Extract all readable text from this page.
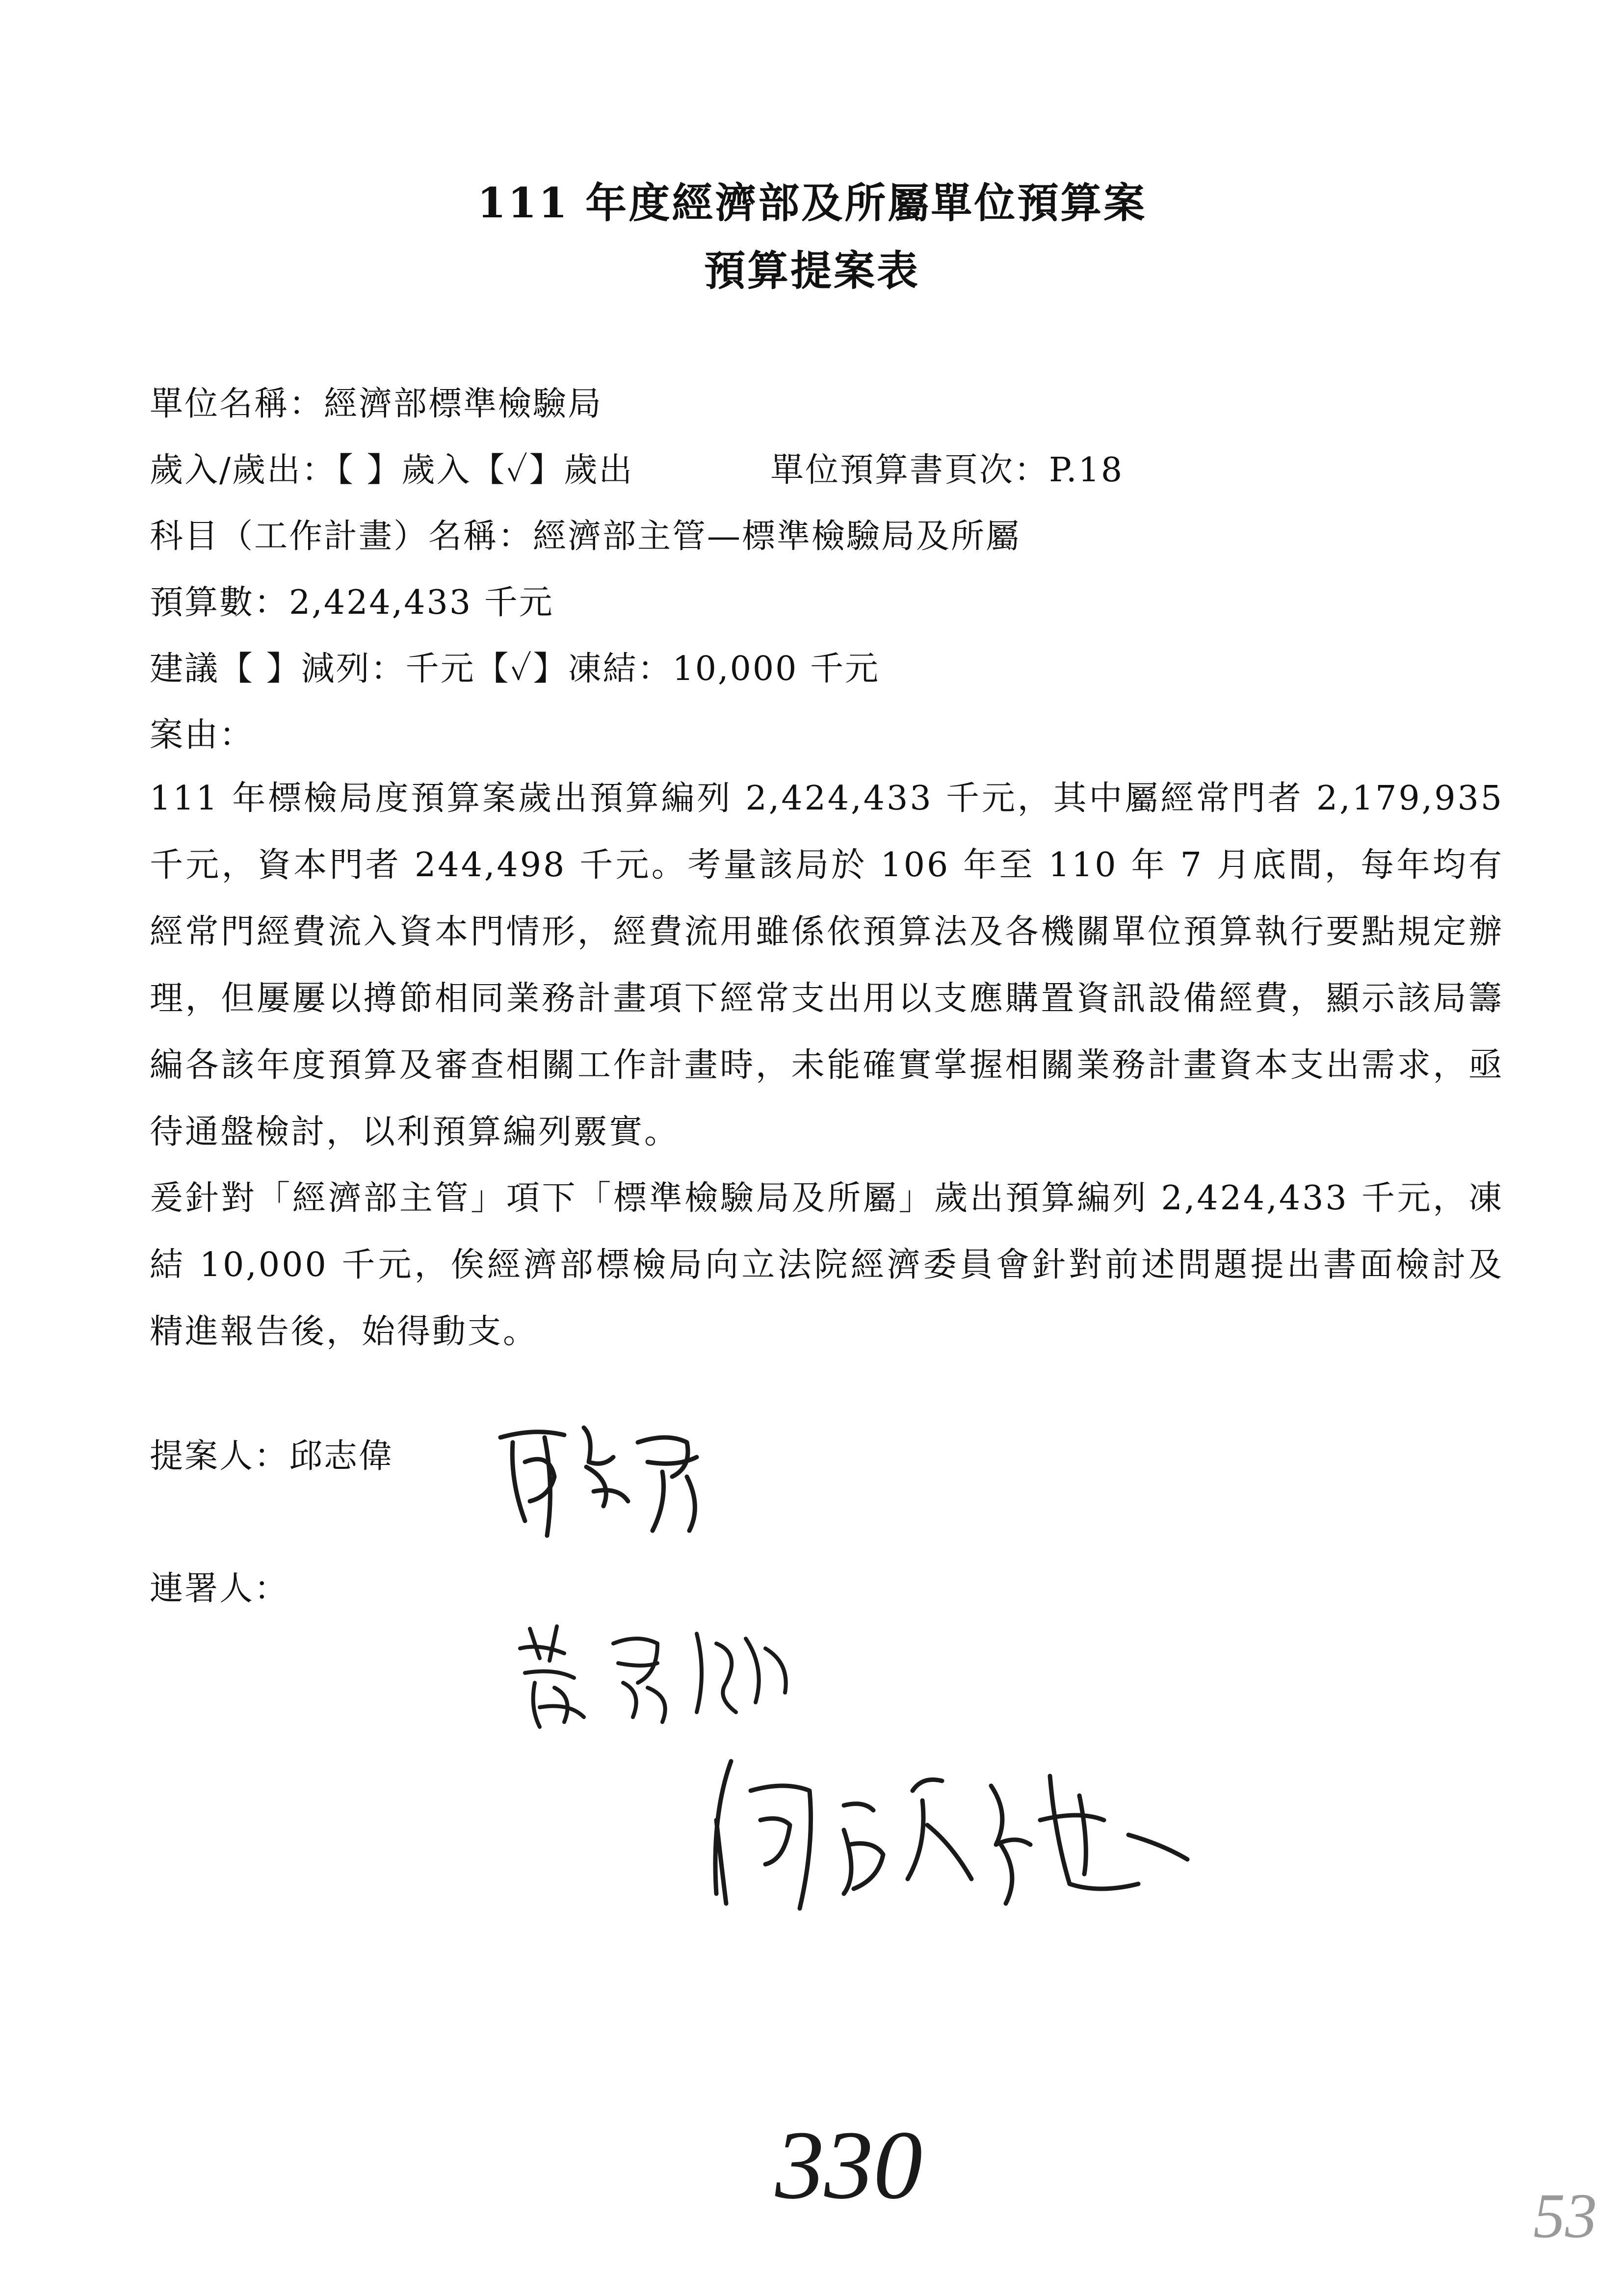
111 年度經濟部及所屬單位預算案
預算提案表
單位名稱：經濟部標準檢驗局
歲入/歲出：【 】歲入【✓】歲出	單位預算書頁次：P.18
科目（工作計畫）名稱：經濟部主管—標準檢驗局及所屬
預算數：2,424,433 千元
建議【 】減列：千元【✓】凍結：10,000 千元
案由：

111 年標檢局度預算案歲出預算編列 2,424,433 千元，其中屬經常門者 2,179,935 千元，資本門者 244,498 千元。考量該局於 106 年至 110 年 7 月底間，每年均有經常門經費流入資本門情形，經費流用雖係依預算法及各機關單位預算執行要點規定辦理，但屢屢以撙節相同業務計畫項下經常支出用以支應購置資訊設備經費，顯示該局籌編各該年度預算及審查相關工作計畫時，未能確實掌握相關業務計畫資本支出需求，亟待通盤檢討，以利預算編列覈實。

爰針對「經濟部主管」項下「標準檢驗局及所屬」歲出預算編列 2,424,433 千元，凍結 10,000 千元，俟經濟部標檢局向立法院經濟委員會針對前述問題提出書面檢討及精進報告後，始得動支。

提案人：邱志偉
連署人：
330	53
